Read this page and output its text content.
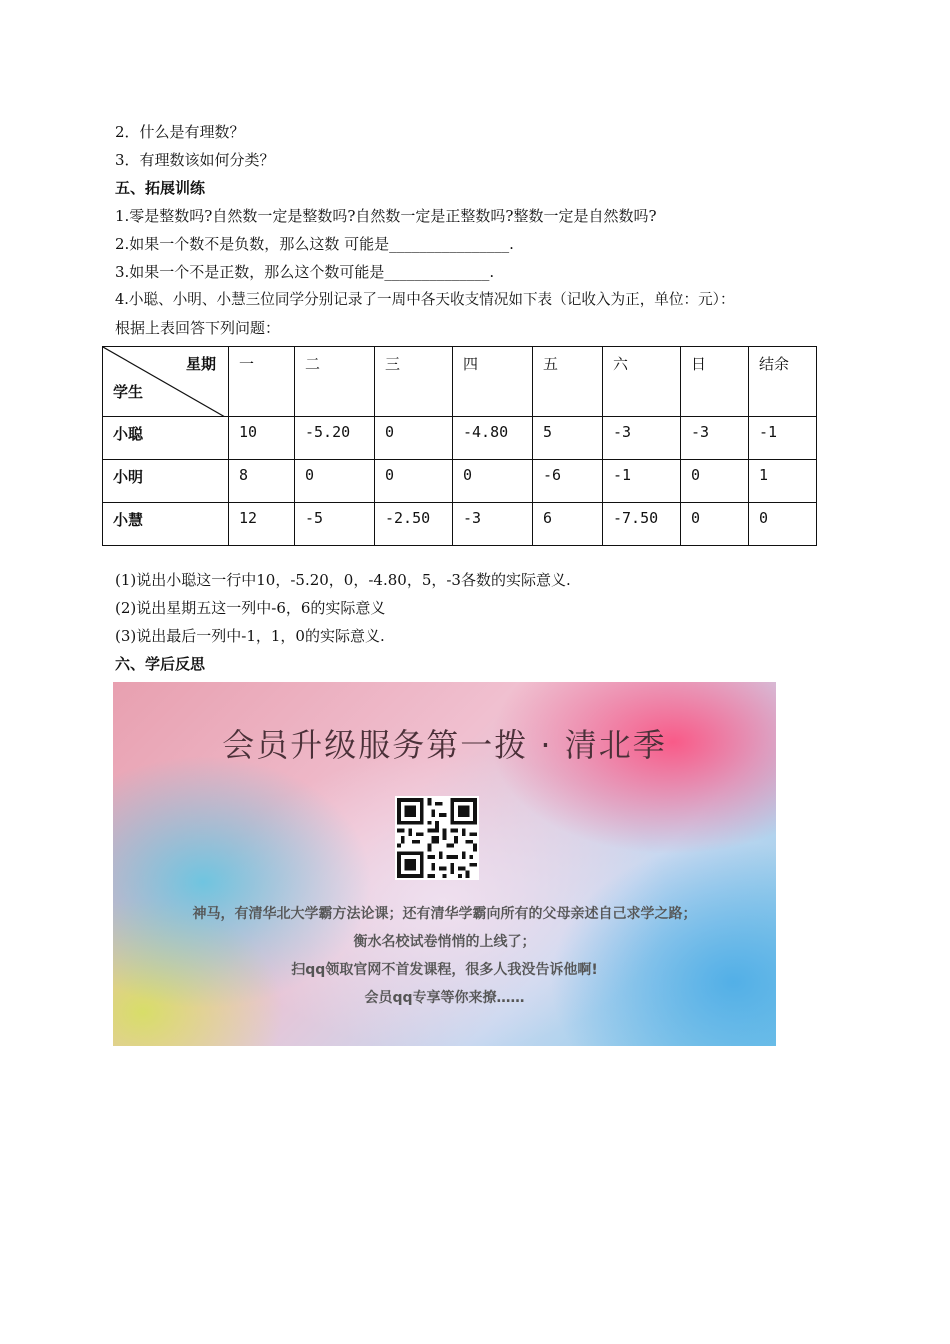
2．什么是有理数？
3．有理数该如何分类？
五、拓展训练
1.零是整数吗?自然数一定是整数吗?自然数一定是正整数吗?整数一定是自然数吗?
2.如果一个数不是负数，那么这数 可能是________________.
3.如果一个不是正数，那么这个数可能是______________.
4.小聪、小明、小慧三位同学分别记录了一周中各天收支情况如下表（记收入为正，单位：元）：
根据上表回答下列问题：
星期
学生	一	二	三	四	五	六	日	结余
小聪	10	-5.20	0	-4.80	5	-3	-3	-1
小明	8	0	0	0	-6	-1	0	1
小慧	12	-5	-2.50	-3	6	-7.50	0	0
(1)说出小聪这一行中10，-5.20，0，-4.80，5，-3各数的实际意义.
(2)说出星期五这一列中-6，6的实际意义
(3)说出最后一列中-1，1，0的实际意义.
六、学后反思
会员升级服务第一拨 · 清北季
神马，有清华北大学霸方法论课；还有清华学霸向所有的父母亲述自己求学之路；
衡水名校试卷悄悄的上线了；
扫qq领取官网不首发课程，很多人我没告诉他啊!
会员qq专享等你来撩……
